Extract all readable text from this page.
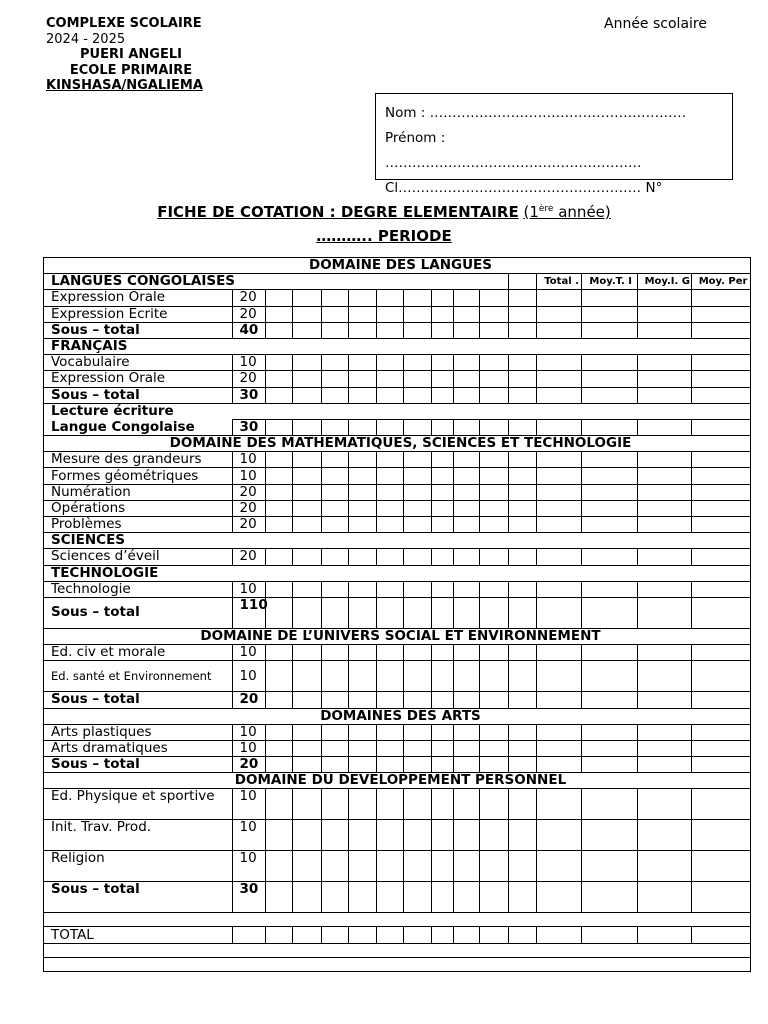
COMPLEXE SCOLAIRE
2024 - 2025
PUERI ANGELI
ECOLE PRIMAIRE
KINSHASA/NGALIEMA
Année scolaire
Nom : …………………………………………………
Prénom :
…………………………………………………
Cl……………………………………………… N°
FICHE DE COTATION : DEGRE ELEMENTAIRE (1ère année)
……….. PERIODE
DOMAINE DES LANGUES															
LANGUES CONGOLAISES												Total .	Moy.T. I	Moy.I. G	Moy. Per
Expression Orale	20														
Expression Ecrite	20														
Sous – total	40														
FRANÇAIS															
Vocabulaire	10														
Expression Orale	20														
Sous – total	30														
Lecture écriture															
Langue Congolaise	30														
DOMAINE DES MATHEMATIQUES, SCIENCES ET TECHNOLOGIE															
Mesure des grandeurs	10														
Formes géométriques	10														
Numération	20														
Opérations	20														
Problèmes	20														
SCIENCES															
Sciences d’éveil	20														
TECHNOLOGIE															
Technologie	10														
Sous – total	110														
DOMAINE DE L’UNIVERS SOCIAL ET ENVIRONNEMENT															
Ed. civ et morale	10														
Ed. santé et Environnement	10														
Sous – total	20														
DOMAINES DES ARTS															
Arts plastiques	10														
Arts dramatiques	10														
Sous – total	20														
DOMAINE DU DEVELOPPEMENT PERSONNEL															
Ed. Physique et sportive	10														
Init. Trav. Prod.	10														
Religion	10														
Sous – total	30														

TOTAL															
